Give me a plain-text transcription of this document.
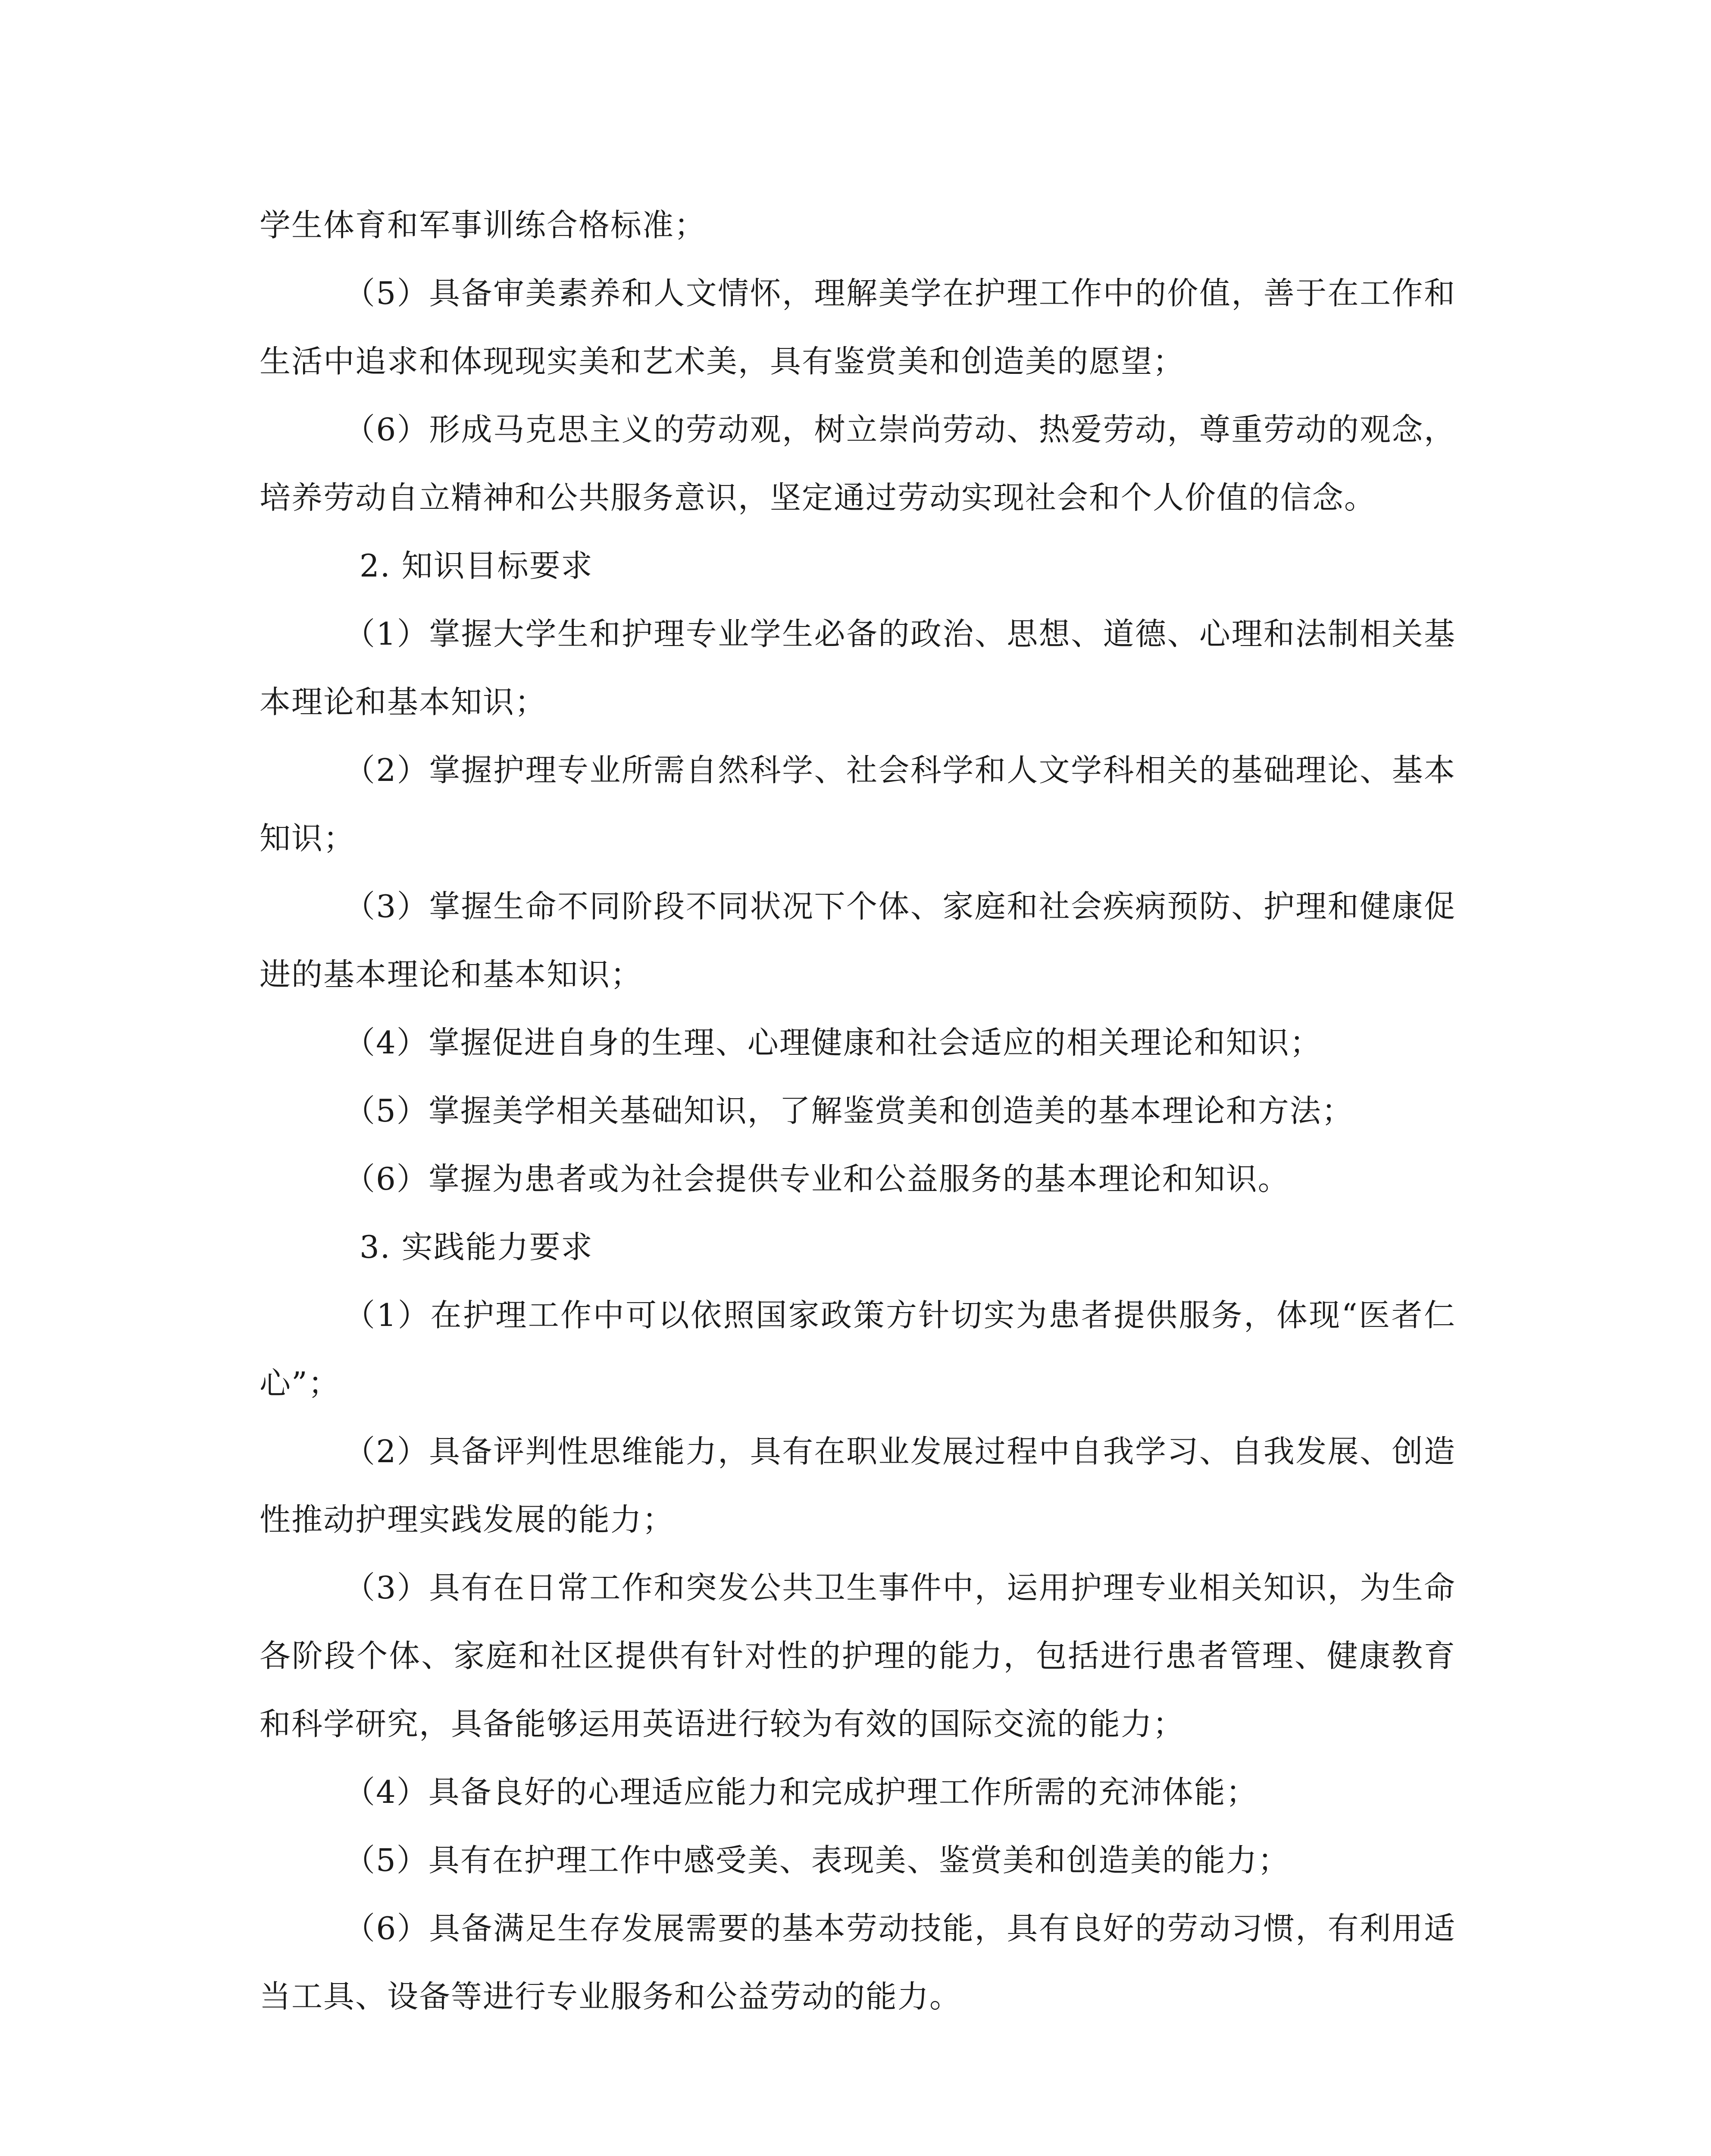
学生体育和军事训练合格标准；

（5）具备审美素养和人文情怀，理解美学在护理工作中的价值，善于在工作和生活中追求和体现现实美和艺术美，具有鉴赏美和创造美的愿望；

（6）形成马克思主义的劳动观，树立崇尚劳动、热爱劳动，尊重劳动的观念，培养劳动自立精神和公共服务意识，坚定通过劳动实现社会和个人价值的信念。

2. 知识目标要求

（1）掌握大学生和护理专业学生必备的政治、思想、道德、心理和法制相关基本理论和基本知识；

（2）掌握护理专业所需自然科学、社会科学和人文学科相关的基础理论、基本知识；

（3）掌握生命不同阶段不同状况下个体、家庭和社会疾病预防、护理和健康促进的基本理论和基本知识；

（4）掌握促进自身的生理、心理健康和社会适应的相关理论和知识；

（5）掌握美学相关基础知识，了解鉴赏美和创造美的基本理论和方法；

（6）掌握为患者或为社会提供专业和公益服务的基本理论和知识。

3. 实践能力要求

（1）在护理工作中可以依照国家政策方针切实为患者提供服务，体现“医者仁心”；

（2）具备评判性思维能力，具有在职业发展过程中自我学习、自我发展、创造性推动护理实践发展的能力；

（3）具有在日常工作和突发公共卫生事件中，运用护理专业相关知识，为生命各阶段个体、家庭和社区提供有针对性的护理的能力，包括进行患者管理、健康教育和科学研究，具备能够运用英语进行较为有效的国际交流的能力；

（4）具备良好的心理适应能力和完成护理工作所需的充沛体能；

（5）具有在护理工作中感受美、表现美、鉴赏美和创造美的能力；

（6）具备满足生存发展需要的基本劳动技能，具有良好的劳动习惯，有利用适当工具、设备等进行专业服务和公益劳动的能力。
